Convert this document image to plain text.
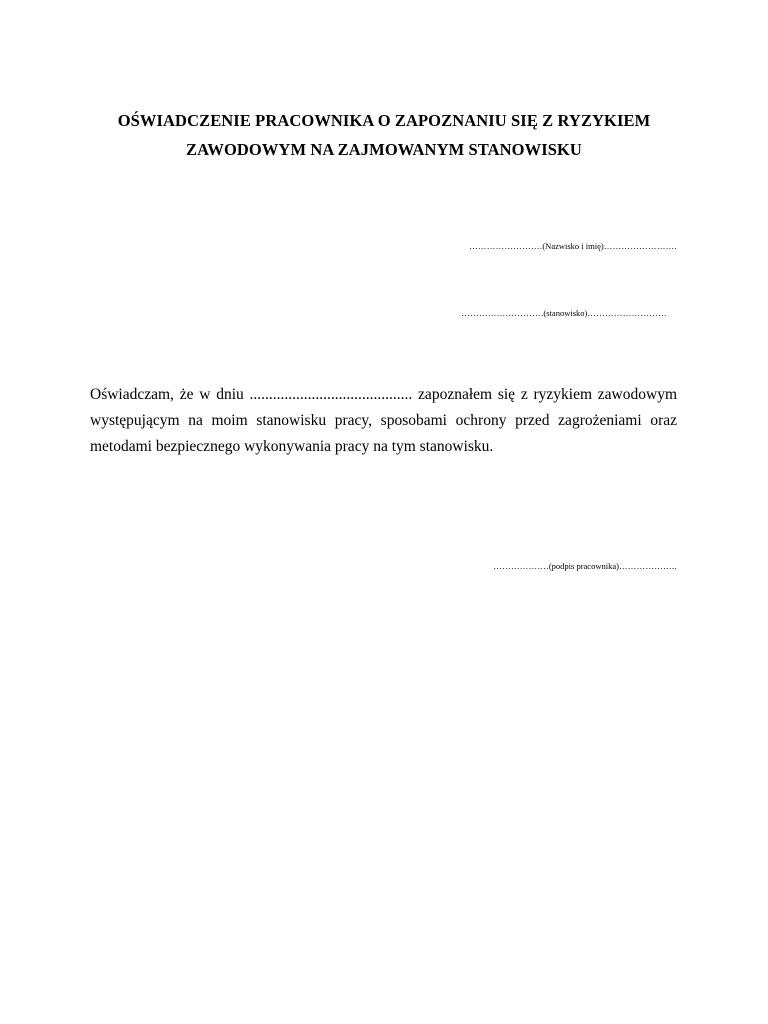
OŚWIADCZENIE PRACOWNIKA O ZAPOZNANIU SIĘ Z RYZYKIEM
ZAWODOWYM NA ZAJMOWANYM STANOWISKU
…………………….(Nazwisko i imię)…………………….
……………………….(stanowisko)………………………

Oświadczam, że w dniu .......................................... zapoznałem się z ryzykiem zawodowym występującym na moim stanowisku pracy, sposobami ochrony przed zagrożeniami oraz metodami bezpiecznego wykonywania pracy na tym stanowisku.

……………….(podpis pracownika)………………..
